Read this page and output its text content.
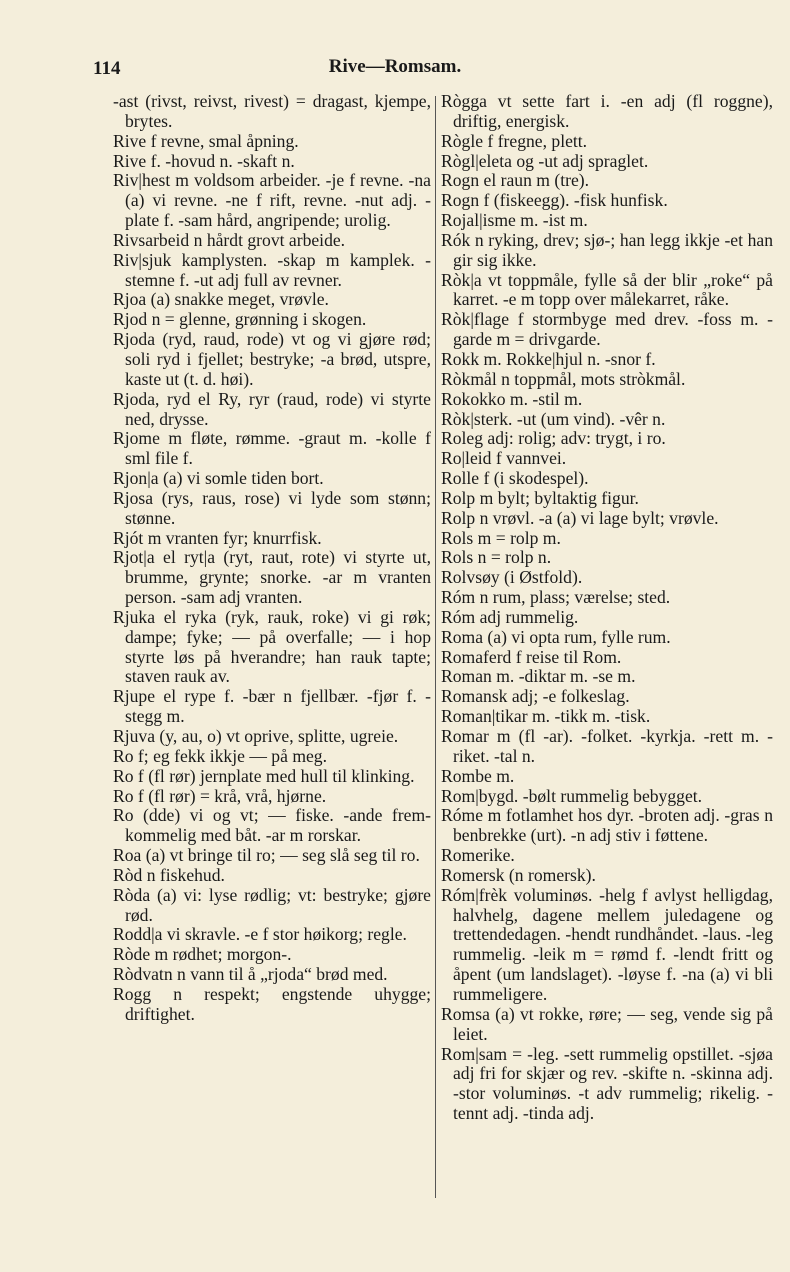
114	Rive—Romsam.

-ast (rivst, reivst, rivest) = dragast, kjempe, brytes.

Rive f revne, smal åpning.

Rive f. -hovud n. -skaft n.

Riv|hest m voldsom arbeider. -je f revne. -na (a) vi revne. -ne f rift, revne. -nut adj. -plate f. -sam hård, angripende; urolig.

Rivsarbeid n hårdt grovt arbeide.

Riv|sjuk kamplysten. -skap m kamplek. -stemne f. -ut adj full av revner.

Rjoa (a) snakke meget, vrøvle.

Rjod n = glenne, grønning i skogen.

Rjoda (ryd, raud, rode) vt og vi gjøre rød; soli ryd i fjellet; bestryke; -a brød, utspre, kaste ut (t. d. høi).

Rjoda, ryd el Ry, ryr (raud, rode) vi styrte ned, drysse.

Rjome m fløte, rømme. -graut m. -kolle f sml file f.

Rjon|a (a) vi somle tiden bort.

Rjosa (rys, raus, rose) vi lyde som stønn; stønne.

Rjót m vranten fyr; knurrfisk.

Rjot|a el ryt|a (ryt, raut, rote) vi styrte ut, brumme, grynte; snorke. -ar m vranten person. -sam adj vranten.

Rjuka el ryka (ryk, rauk, roke) vi gi røk; dampe; fyke; — på overfalle; — i hop styrte løs på hverandre; han rauk tapte; staven rauk av.

Rjupe el rype f. -bær n fjellbær. -fjør f. -stegg m.

Rjuva (y, au, o) vt oprive, splitte, ugreie.

Ro f; eg fekk ikkje — på meg.

Ro f (fl rør) jernplate med hull til klinking.

Ro f (fl rør) = krå, vrå, hjørne.

Ro (dde) vi og vt; — fiske. -ande fremkommelig med båt. -ar m rorskar.

Roa (a) vt bringe til ro; — seg slå seg til ro.

Ròd n fiskehud.

Ròda (a) vi: lyse rødlig; vt: bestryke; gjøre rød.

Rodd|a vi skravle. -e f stor høikorg; regle.

Ròde m rødhet; morgon-.

Ròdvatn n vann til å „rjoda“ brød med.

Rogg n respekt; engstende uhygge; driftighet.

Rògga vt sette fart i. -en adj (fl roggne), driftig, energisk.

Rògle f fregne, plett.

Rògl|eleta og -ut adj spraglet.

Rogn el raun m (tre).

Rogn f (fiskeegg). -fisk hunfisk.

Rojal|isme m. -ist m.

Rók n ryking, drev; sjø-; han legg ikkje -et han gir sig ikke.

Ròk|a vt toppmåle, fylle så der blir „roke“ på karret. -e m topp over målekarret, råke.

Ròk|flage f stormbyge med drev. -foss m. -garde m = drivgarde.

Rokk m. Rokke|hjul n. -snor f.

Ròkmål n toppmål, mots stròkmål.

Rokokko m. -stil m.

Ròk|sterk. -ut (um vind). -vêr n.

Roleg adj: rolig; adv: trygt, i ro.

Ro|leid f vannvei.

Rolle f (i skodespel).

Rolp m bylt; byltaktig figur.

Rolp n vrøvl. -a (a) vi lage bylt; vrøvle.

Rols m = rolp m.

Rols n = rolp n.

Rolvsøy (i Østfold).

Róm n rum, plass; værelse; sted.

Róm adj rummelig.

Roma (a) vi opta rum, fylle rum.

Romaferd f reise til Rom.

Roman m. -diktar m. -se m.

Romansk adj; -e folkeslag.

Roman|tikar m. -tikk m. -tisk.

Romar m (fl -ar). -folket. -kyrkja. -rett m. -riket. -tal n.

Rombe m.

Rom|bygd. -bølt rummelig bebygget.

Róme m fotlamhet hos dyr. -broten adj. -gras n benbrekke (urt). -n adj stiv i føttene.

Romerike.

Romersk (n romersk).

Róm|frèk voluminøs. -helg f avlyst helligdag, halvhelg, dagene mellem juledagene og trettendedagen. -hendt rundhåndet. -laus. -leg rummelig. -leik m = rømd f. -lendt fritt og åpent (um landslaget). -løyse f. -na (a) vi bli rummeligere.

Romsa (a) vt rokke, røre; — seg, vende sig på leiet.

Rom|sam = -leg. -sett rummelig opstillet. -sjøa adj fri for skjær og rev. -skifte n. -skinna adj. -stor voluminøs. -t adv rummelig; rikelig. -tennt adj. -tinda adj.
